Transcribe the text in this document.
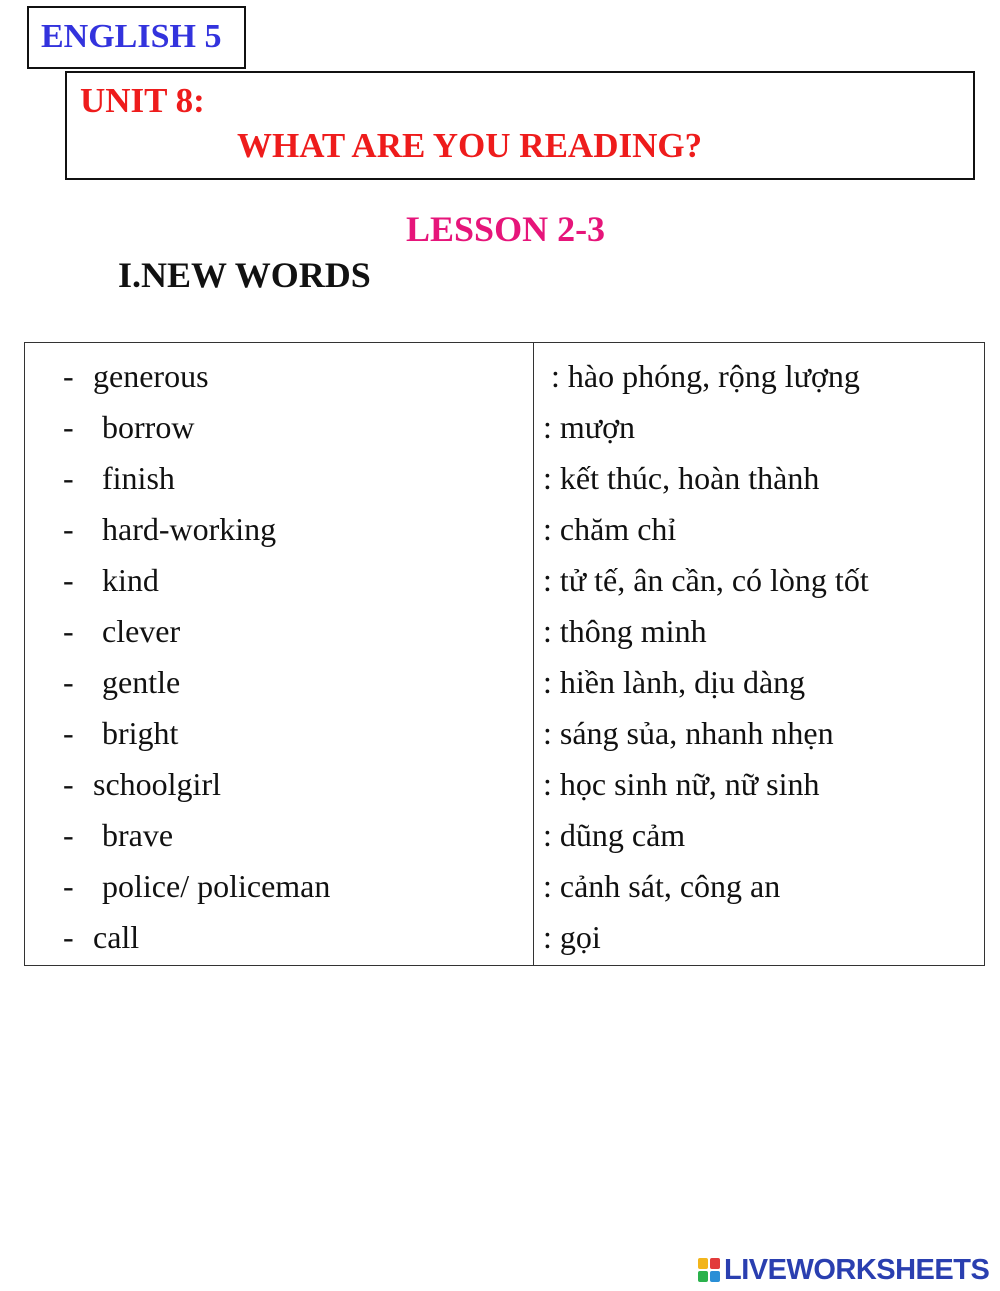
ENGLISH 5
UNIT 8:
WHAT ARE YOU READING?
LESSON 2-3
I.NEW WORDS
- generous	: hào phóng, rộng lượng
- borrow	: mượn
- finish	: kết thúc, hoàn thành
- hard-working	: chăm chỉ
- kind	: tử tế, ân cần, có lòng tốt
- clever	: thông minh
- gentle	: hiền lành, dịu dàng
- bright	: sáng sủa, nhanh nhẹn
- schoolgirl	: học sinh nữ, nữ sinh
- brave	: dũng cảm
- police/ policeman	: cảnh sát, công an
- call	: gọi
LIVEWORKSHEETS
